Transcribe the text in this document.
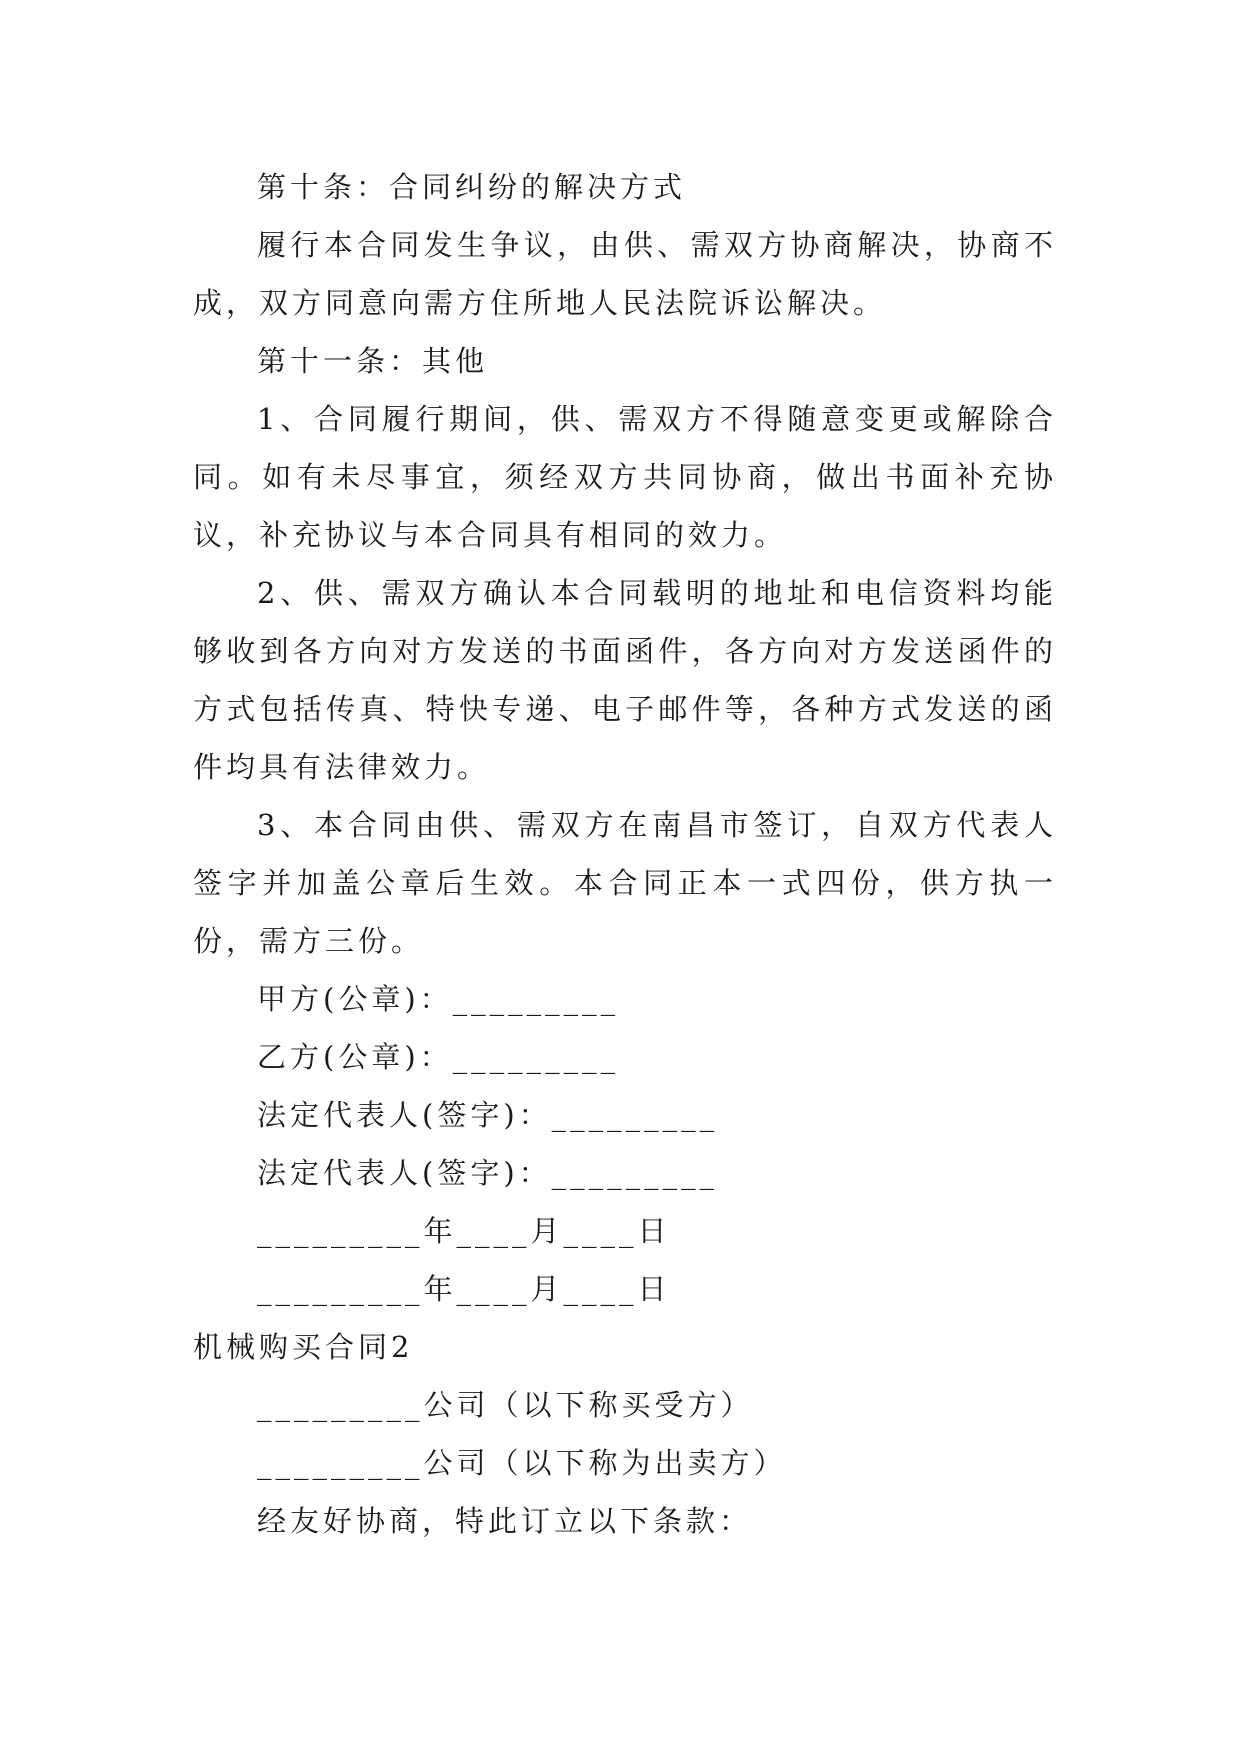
第十条：合同纠纷的解决方式

履行本合同发生争议，由供、需双方协商解决，协商不成，双方同意向需方住所地人民法院诉讼解决。

第十一条：其他

1、合同履行期间，供、需双方不得随意变更或解除合同。如有未尽事宜，须经双方共同协商，做出书面补充协议，补充协议与本合同具有相同的效力。

2、供、需双方确认本合同载明的地址和电信资料均能够收到各方向对方发送的书面函件，各方向对方发送函件的方式包括传真、特快专递、电子邮件等，各种方式发送的函件均具有法律效力。

3、本合同由供、需双方在南昌市签订，自双方代表人签字并加盖公章后生效。本合同正本一式四份，供方执一份，需方三份。

甲方(公章)：_________

乙方(公章)：_________

法定代表人(签字)：_________

法定代表人(签字)：_________

_________年____月____日

_________年____月____日

机械购买合同2

_________公司（以下称买受方）

_________公司（以下称为出卖方）

经友好协商，特此订立以下条款：
